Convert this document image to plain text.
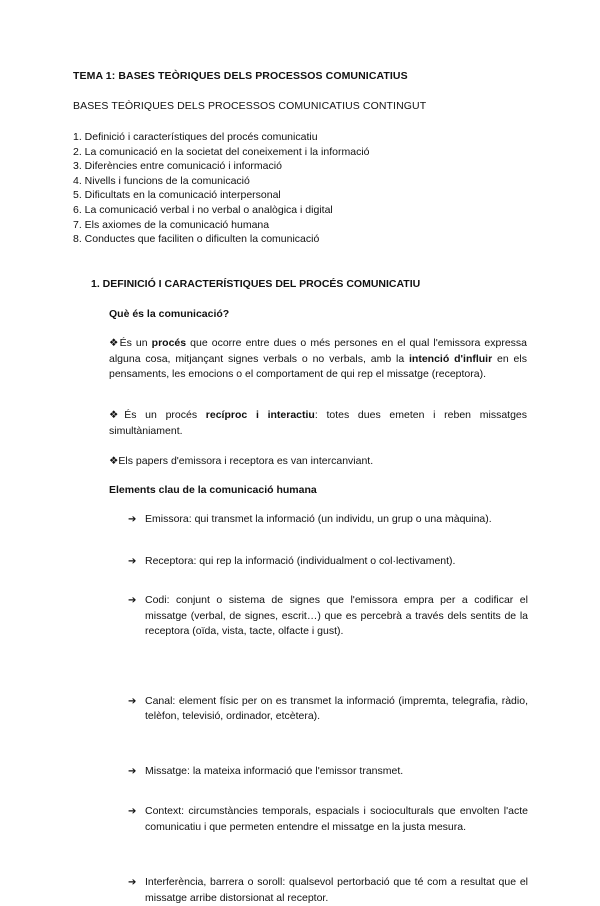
TEMA 1: BASES TEÒRIQUES DELS PROCESSOS COMUNICATIUS
BASES TEÒRIQUES DELS PROCESSOS COMUNICATIUS CONTINGUT
1. Definició i característiques del procés comunicatiu
2. La comunicació en la societat del coneixement i la informació
3. Diferències entre comunicació i informació
4. Nivells i funcions de la comunicació
5. Dificultats en la comunicació interpersonal
6. La comunicació verbal i no verbal o analògica i digital
7. Els axiomes de la comunicació humana
8. Conductes que faciliten o dificulten la comunicació
1. DEFINICIÓ I CARACTERÍSTIQUES DEL PROCÉS COMUNICATIU
Què és la comunicació?

❖És un procés que ocorre entre dues o més persones en el qual l'emissora expressa alguna cosa, mitjançant signes verbals o no verbals, amb la intenció d'influir en els pensaments, les emocions o el comportament de qui rep el missatge (receptora).

❖És un procés recíproc i interactiu: totes dues emeten i reben missatges simultàniament.

❖Els papers d'emissora i receptora es van intercanviant.

Elements clau de la comunicació humana
➔ Emissora: qui transmet la informació (un individu, un grup o una màquina).
➔ Receptora: qui rep la informació (individualment o col·lectivament).
➔ Codi: conjunt o sistema de signes que l'emissora empra per a codificar el missatge (verbal, de signes, escrit…) que es percebrà a través dels sentits de la receptora (oïda, vista, tacte, olfacte i gust).
➔ Canal: element físic per on es transmet la informació (impremta, telegrafia, ràdio, telèfon, televisió, ordinador, etcètera).
➔ Missatge: la mateixa informació que l'emissor transmet.
➔ Context: circumstàncies temporals, espacials i socioculturals que envolten l'acte comunicatiu i que permeten entendre el missatge en la justa mesura.
➔ Interferència, barrera o soroll: qualsevol pertorbació que té com a resultat que el missatge arribe distorsionat al receptor.
